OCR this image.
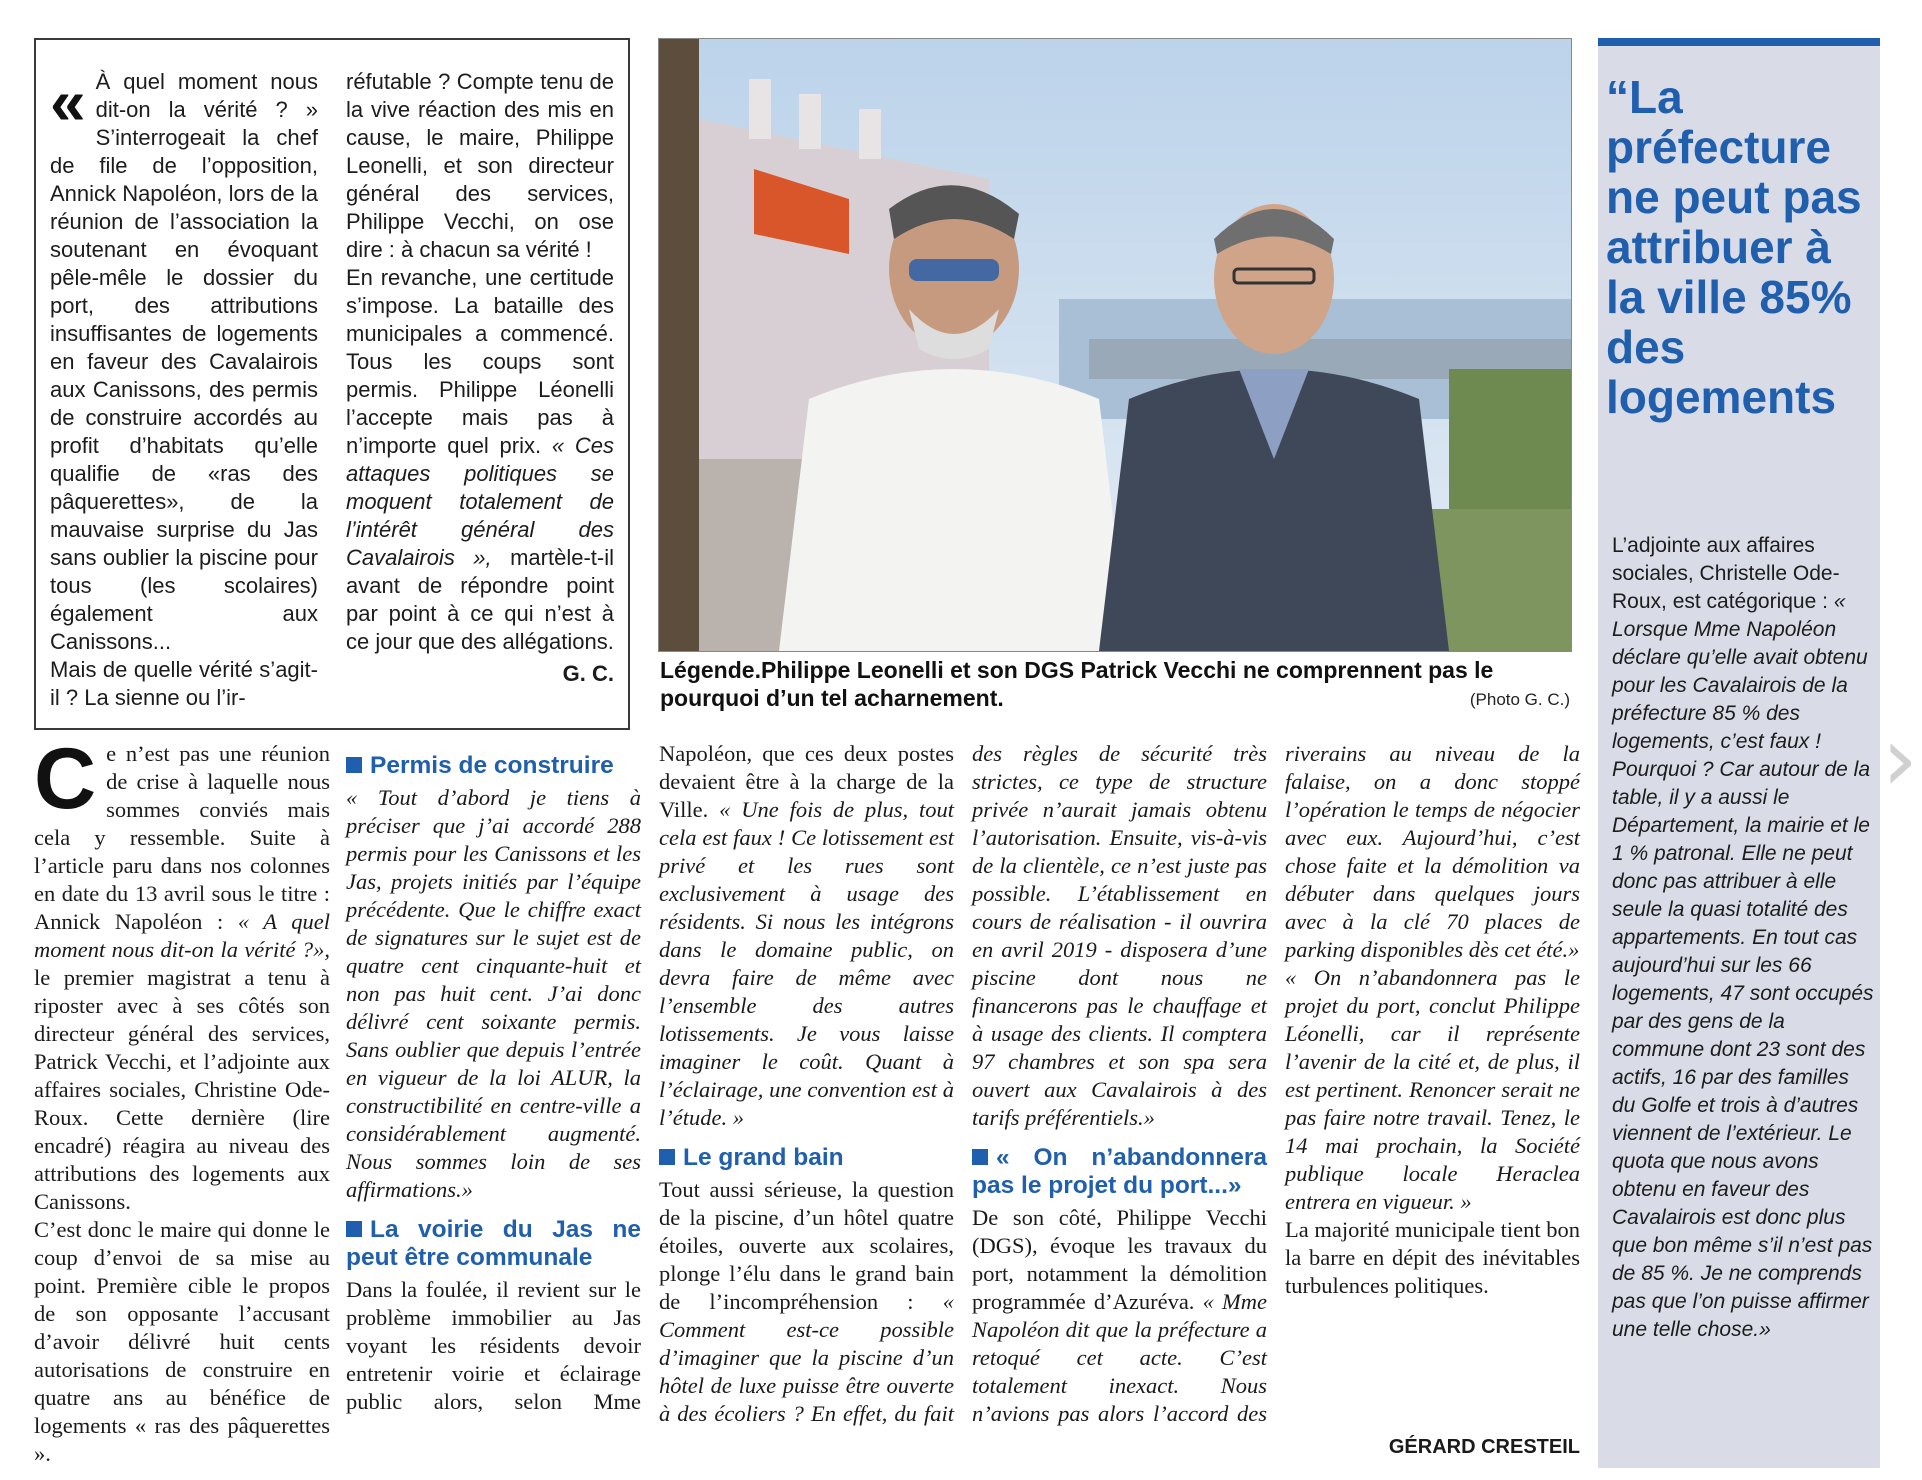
« À quel moment nous dit-on la vérité ? » S’interrogeait la chef de file de l’opposition, Annick Napoléon, lors de la réunion de l’association la soutenant en évoquant pêle-mêle le dossier du port, des attributions insuffisantes de logements en faveur des Cavalairois aux Canissons, des permis de construire accordés au profit d’habitats qu’elle qualifie de «ras des pâquerettes», de la mauvaise surprise du Jas sans oublier la piscine pour tous (les scolaires) également aux Canissons...
Mais de quelle vérité s’agit-il ? La sienne ou l’ir-
réfutable ? Compte tenu de la vive réaction des mis en cause, le maire, Philippe Leonelli, et son directeur général des services, Philippe Vecchi, on ose dire : à chacun sa vérité !
En revanche, une certitude s’impose. La bataille des municipales a commencé. Tous les coups sont permis. Philippe Léonelli l’accepte mais pas à n’importe quel prix. « Ces attaques politiques se moquent totalement de l’intérêt général des Cavalairois », martèle-t-il avant de répondre point par point à ce qui n’est à ce jour que des allégations.
G. C. Légende.Philippe Leonelli et son DGS Patrick Vecchi ne comprennent pas le pourquoi d’un tel acharnement.	(Photo G. C.)
“La préfecture ne peut pas attribuer à la ville 85% des logements
L’adjointe aux affaires sociales, Christelle Ode-Roux, est catégorique : « Lorsque Mme Napoléon déclare qu’elle avait obtenu pour les Cavalairois de la préfecture 85 % des logements, c’est faux ! Pourquoi ? Car autour de la table, il y a aussi le Département, la mairie et le 1 % patronal. Elle ne peut donc pas attribuer à elle seule la quasi totalité des appartements. En tout cas aujourd’hui sur les 66 logements, 47 sont occupés par des gens de la commune dont 23 sont des actifs, 16 par des familles du Golfe et trois à d’autres viennent de l’extérieur. Le quota que nous avons obtenu en faveur des Cavalairois est donc plus que bon même s’il n’est pas de 85 %. Je ne comprends pas que l’on puisse affirmer une telle chose.»

Ce n’est pas une réunion de crise à laquelle nous sommes conviés mais cela y ressemble. Suite à l’article paru dans nos colonnes en date du 13 avril sous le titre : Annick Napoléon : « A quel moment nous dit-on la vérité ?», le premier magistrat a tenu à riposter avec à ses côtés son directeur général des services, Patrick Vecchi, et l’adjointe aux affaires sociales, Christine Ode-Roux. Cette dernière (lire encadré) réagira au niveau des attributions des logements aux Canissons.

C’est donc le maire qui donne le coup d’envoi de sa mise au point. Première cible le propos de son opposante l’accusant d’avoir délivré huit cents autorisations de construire en quatre ans au bénéfice de logements « ras des pâquerettes ».

Permis de construire

« Tout d’abord je tiens à préciser que j’ai accordé 288 permis pour les Canissons et les Jas, projets initiés par l’équipe précédente. Que le chiffre exact de signatures sur le sujet est de quatre cent cinquante-huit et non pas huit cent. J’ai donc délivré cent soixante permis. Sans oublier que depuis l’entrée en vigueur de la loi ALUR, la constructibilité en centre-ville a considérablement augmenté. Nous sommes loin de ses affirmations.»

La voirie du Jas ne peut être communale

Dans la foulée, il revient sur le problème immobilier au Jas voyant les résidents devoir entretenir voirie et éclairage public alors, selon Mme Napoléon, que ces deux postes devaient être à la charge de la Ville. « Une fois de plus, tout cela est faux ! Ce lotissement est privé et les rues sont exclusivement à usage des résidents. Si nous les intégrons dans le domaine public, on devra faire de même avec l’ensemble des autres lotissements. Je vous laisse imaginer le coût. Quant à l’éclairage, une convention est à l’étude. »

Le grand bain

Tout aussi sérieuse, la question de la piscine, d’un hôtel quatre étoiles, ouverte aux scolaires, plonge l’élu dans le grand bain de l’incompréhension : « Comment est-ce possible d’imaginer que la piscine d’un hôtel de luxe puisse être ouverte à des écoliers ? En effet, du fait des règles de sécurité très strictes, ce type de structure privée n’aurait jamais obtenu l’autorisation. Ensuite, vis-à-vis de la clientèle, ce n’est juste pas possible. L’établissement en cours de réalisation - il ouvrira en avril 2019 - disposera d’une piscine dont nous ne financerons pas le chauffage et à usage des clients. Il comptera 97 chambres et son spa sera ouvert aux Cavalairois à des tarifs préférentiels.»

« On n’abandonnera pas le projet du port...»

De son côté, Philippe Vecchi (DGS), évoque les travaux du port, notamment la démolition programmée d’Azuréva. « Mme Napoléon dit que la préfecture a retoqué cet acte. C’est totalement inexact. Nous n’avions pas alors l’accord des riverains au niveau de la falaise, on a donc stoppé l’opération le temps de négocier avec eux. Aujourd’hui, c’est chose faite et la démolition va débuter dans quelques jours avec à la clé 70 places de parking disponibles dès cet été.»

« On n’abandonnera pas le projet du port, conclut Philippe Léonelli, car il représente l’avenir de la cité et, de plus, il est pertinent. Renoncer serait ne pas faire notre travail. Tenez, le 14 mai prochain, la Société publique locale Heraclea entrera en vigueur. »

La majorité municipale tient bon la barre en dépit des inévitables turbulences politiques.

GÉRARD CRESTEIL
›
